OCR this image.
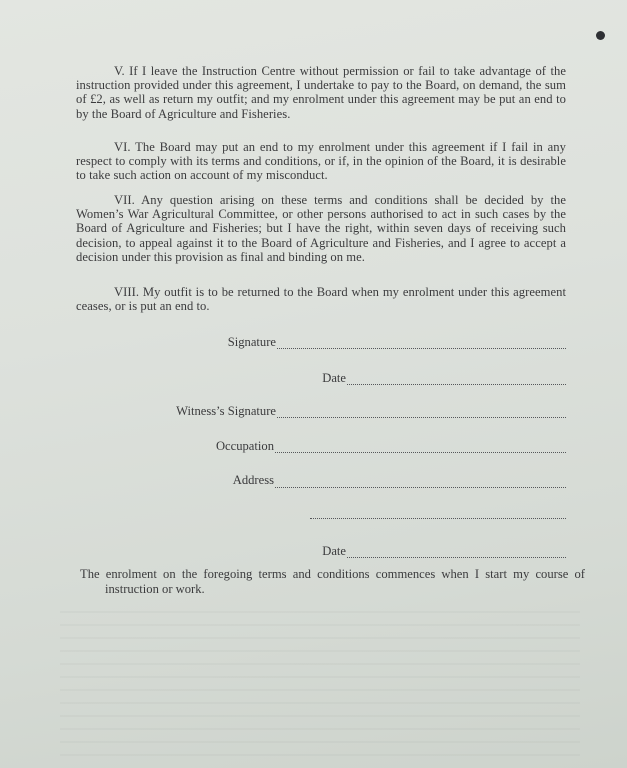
V. If I leave the Instruction Centre without permission or fail to take advantage of the instruction provided under this agreement, I undertake to pay to the Board, on demand, the sum of £2, as well as return my outfit; and my enrolment under this agreement may be put an end to by the Board of Agriculture and Fisheries.

VI. The Board may put an end to my enrolment under this agreement if I fail in any respect to comply with its terms and conditions, or if, in the opinion of the Board, it is desirable to take such action on account of my misconduct.

VII. Any question arising on these terms and conditions shall be decided by the Women’s War Agricultural Committee, or other persons authorised to act in such cases by the Board of Agriculture and Fisheries; but I have the right, within seven days of receiving such decision, to appeal against it to the Board of Agriculture and Fisheries, and I agree to accept a decision under this provision as final and binding on me.

VIII. My outfit is to be returned to the Board when my enrolment under this agreement ceases, or is put an end to.

Signature
Date
Witness’s Signature
Occupation
Address
Date

The enrolment on the foregoing terms and conditions commences when I start my course of instruction or work.
